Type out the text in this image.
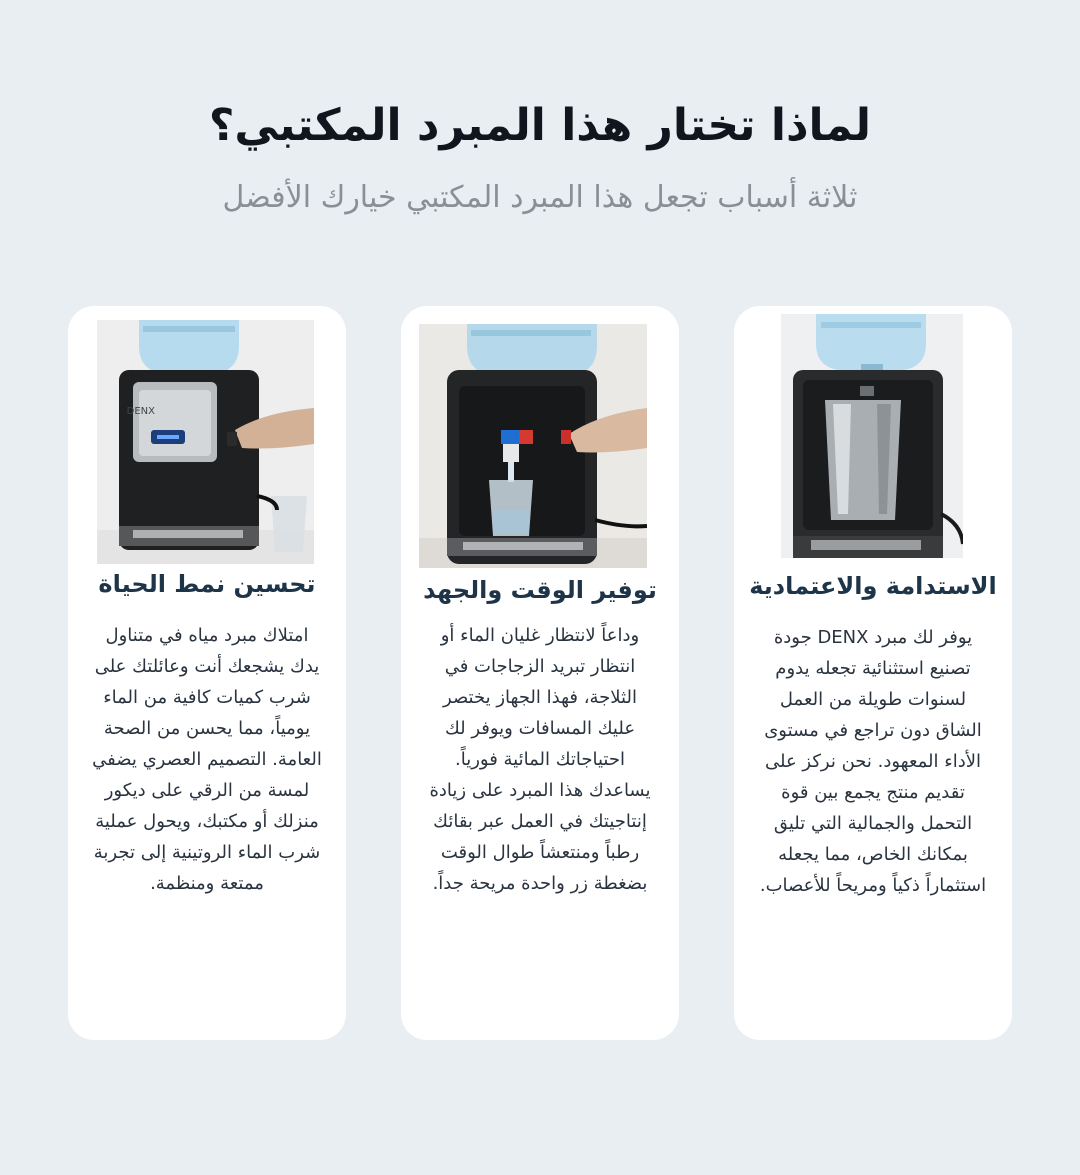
لماذا تختار هذا المبرد المكتبي؟

ثلاثة أسباب تجعل هذا المبرد المكتبي خيارك الأفضل

الاستدامة والاعتمادية

يوفر لك مبرد DENX جودة تصنيع استثنائية تجعله يدوم لسنوات طويلة من العمل الشاق دون تراجع في مستوى الأداء المعهود. نحن نركز على تقديم منتج يجمع بين قوة التحمل والجمالية التي تليق بمكانك الخاص، مما يجعله استثماراً ذكياً ومريحاً للأعصاب.

توفير الوقت والجهد

وداعاً لانتظار غليان الماء أو انتظار تبريد الزجاجات في الثلاجة، فهذا الجهاز يختصر عليك المسافات ويوفر لك احتياجاتك المائية فورياً. يساعدك هذا المبرد على زيادة إنتاجيتك في العمل عبر بقائك رطباً ومنتعشاً طوال الوقت بضغطة زر واحدة مريحة جداً.

DENX
تحسين نمط الحياة

امتلاك مبرد مياه في متناول يدك يشجعك أنت وعائلتك على شرب كميات كافية من الماء يومياً، مما يحسن من الصحة العامة. التصميم العصري يضفي لمسة من الرقي على ديكور منزلك أو مكتبك، ويحول عملية شرب الماء الروتينية إلى تجربة ممتعة ومنظمة.
